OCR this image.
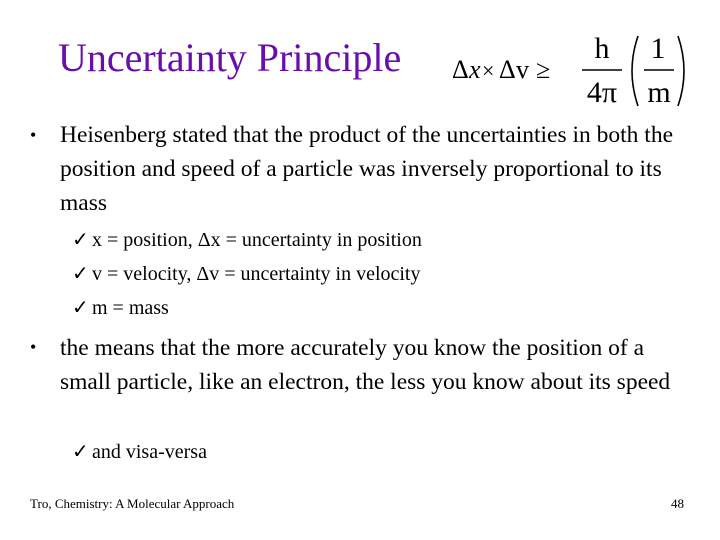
Uncertainty Principle Δ x × Δ v ≥
h
4π
1
m
• Heisenberg stated that the product of the uncertainties in both the position and speed of a particle was inversely proportional to its mass
✓ x = position, Δx = uncertainty in position
✓ v = velocity, Δv = uncertainty in velocity
✓ m = mass
• the means that the more accurately you know the position of a small particle, like an electron, the less you know about its speed
✓ and visa-versa
Tro, Chemistry: A Molecular Approach	48
